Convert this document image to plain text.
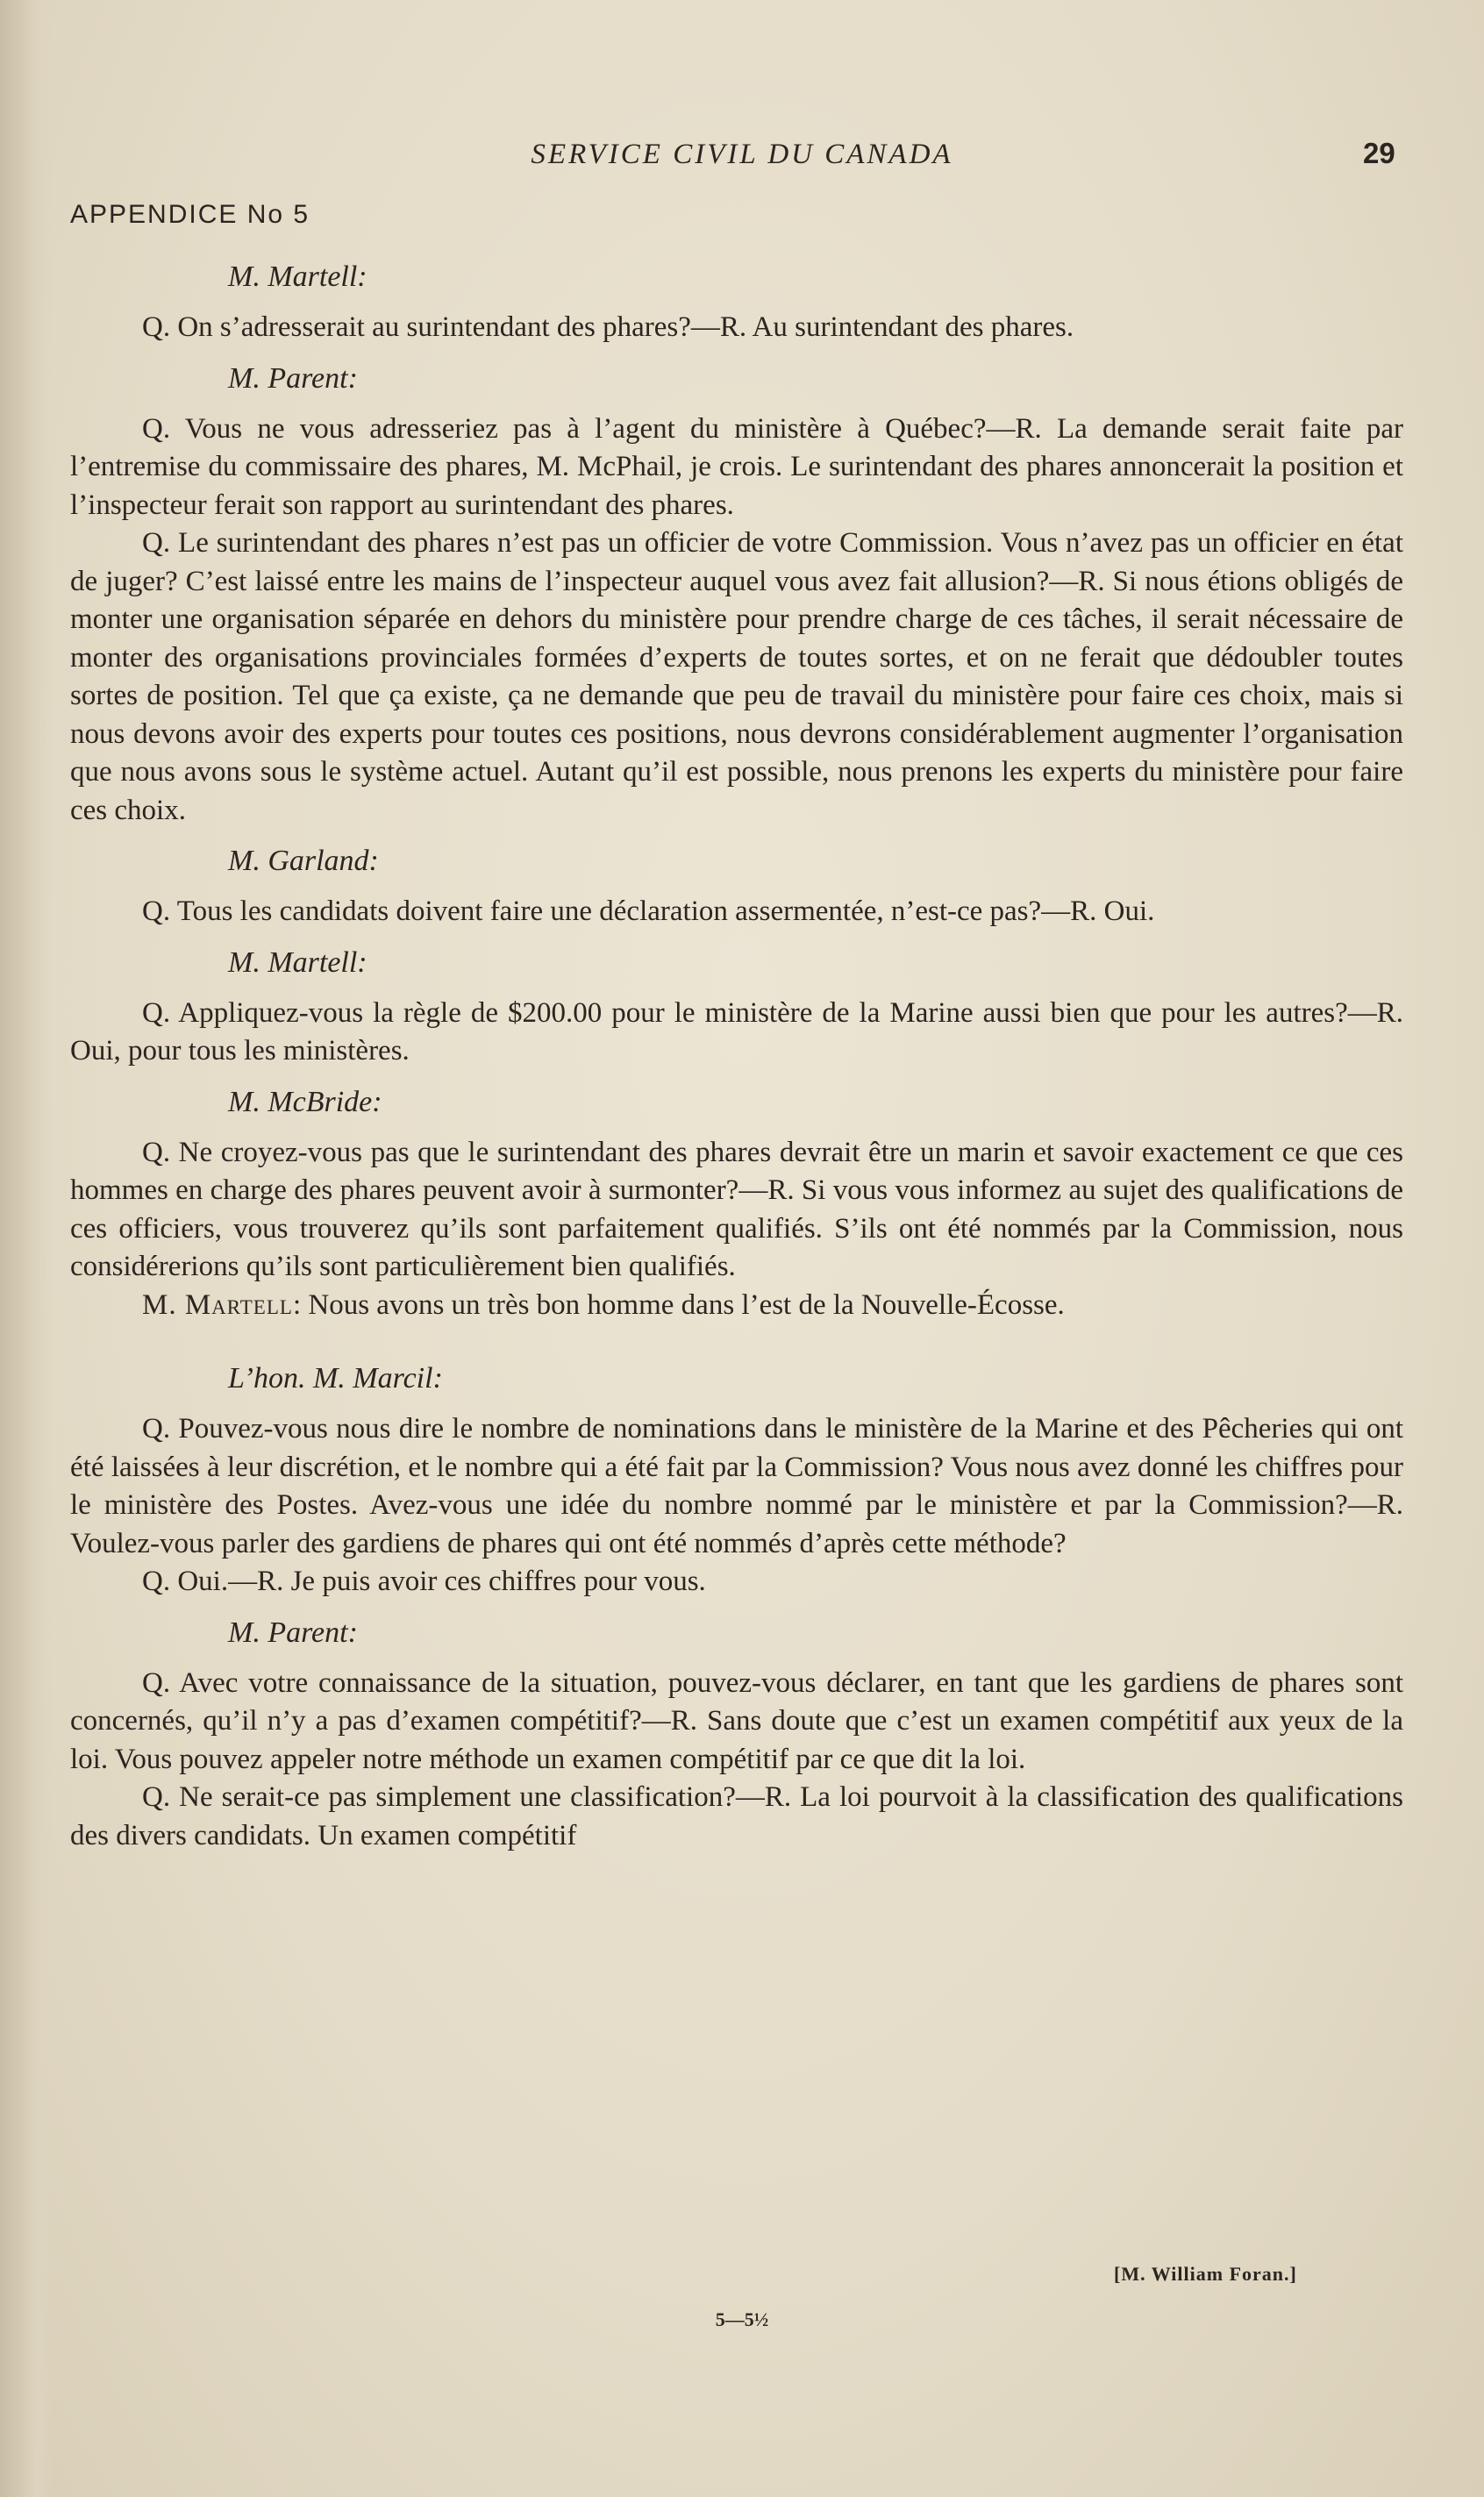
SERVICE CIVIL DU CANADA	29
APPENDICE No 5
M. Martell:

Q. On s’adresserait au surintendant des phares?—R. Au surintendant des phares.

M. Parent:

Q. Vous ne vous adresseriez pas à l’agent du ministère à Québec?—R. La demande serait faite par l’entremise du commissaire des phares, M. McPhail, je crois. Le surintendant des phares annoncerait la position et l’inspecteur ferait son rapport au surintendant des phares.

Q. Le surintendant des phares n’est pas un officier de votre Commission. Vous n’avez pas un officier en état de juger? C’est laissé entre les mains de l’inspecteur auquel vous avez fait allusion?—R. Si nous étions obligés de monter une organisation séparée en dehors du ministère pour prendre charge de ces tâches, il serait nécessaire de monter des organisations provinciales formées d’experts de toutes sortes, et on ne ferait que dédoubler toutes sortes de position. Tel que ça existe, ça ne demande que peu de travail du ministère pour faire ces choix, mais si nous devons avoir des experts pour toutes ces positions, nous devrons considérablement augmenter l’organisation que nous avons sous le système actuel. Autant qu’il est possible, nous prenons les experts du ministère pour faire ces choix.

M. Garland:

Q. Tous les candidats doivent faire une déclaration assermentée, n’est-ce pas?—R. Oui.

M. Martell:

Q. Appliquez-vous la règle de $200.00 pour le ministère de la Marine aussi bien que pour les autres?—R. Oui, pour tous les ministères.

M. McBride:

Q. Ne croyez-vous pas que le surintendant des phares devrait être un marin et savoir exactement ce que ces hommes en charge des phares peuvent avoir à surmonter?—R. Si vous vous informez au sujet des qualifications de ces officiers, vous trouverez qu’ils sont parfaitement qualifiés. S’ils ont été nommés par la Commission, nous considérerions qu’ils sont particulièrement bien qualifiés.

M. Martell: Nous avons un très bon homme dans l’est de la Nouvelle-Écosse.

L’hon. M. Marcil:

Q. Pouvez-vous nous dire le nombre de nominations dans le ministère de la Marine et des Pêcheries qui ont été laissées à leur discrétion, et le nombre qui a été fait par la Commission? Vous nous avez donné les chiffres pour le ministère des Postes. Avez-vous une idée du nombre nommé par le ministère et par la Commission?—R. Voulez-vous parler des gardiens de phares qui ont été nommés d’après cette méthode?

Q. Oui.—R. Je puis avoir ces chiffres pour vous.

M. Parent:

Q. Avec votre connaissance de la situation, pouvez-vous déclarer, en tant que les gardiens de phares sont concernés, qu’il n’y a pas d’examen compétitif?—R. Sans doute que c’est un examen compétitif aux yeux de la loi. Vous pouvez appeler notre méthode un examen compétitif par ce que dit la loi.

Q. Ne serait-ce pas simplement une classification?—R. La loi pourvoit à la classification des qualifications des divers candidats. Un examen compétitif

[M. William Foran.]
5—5½
